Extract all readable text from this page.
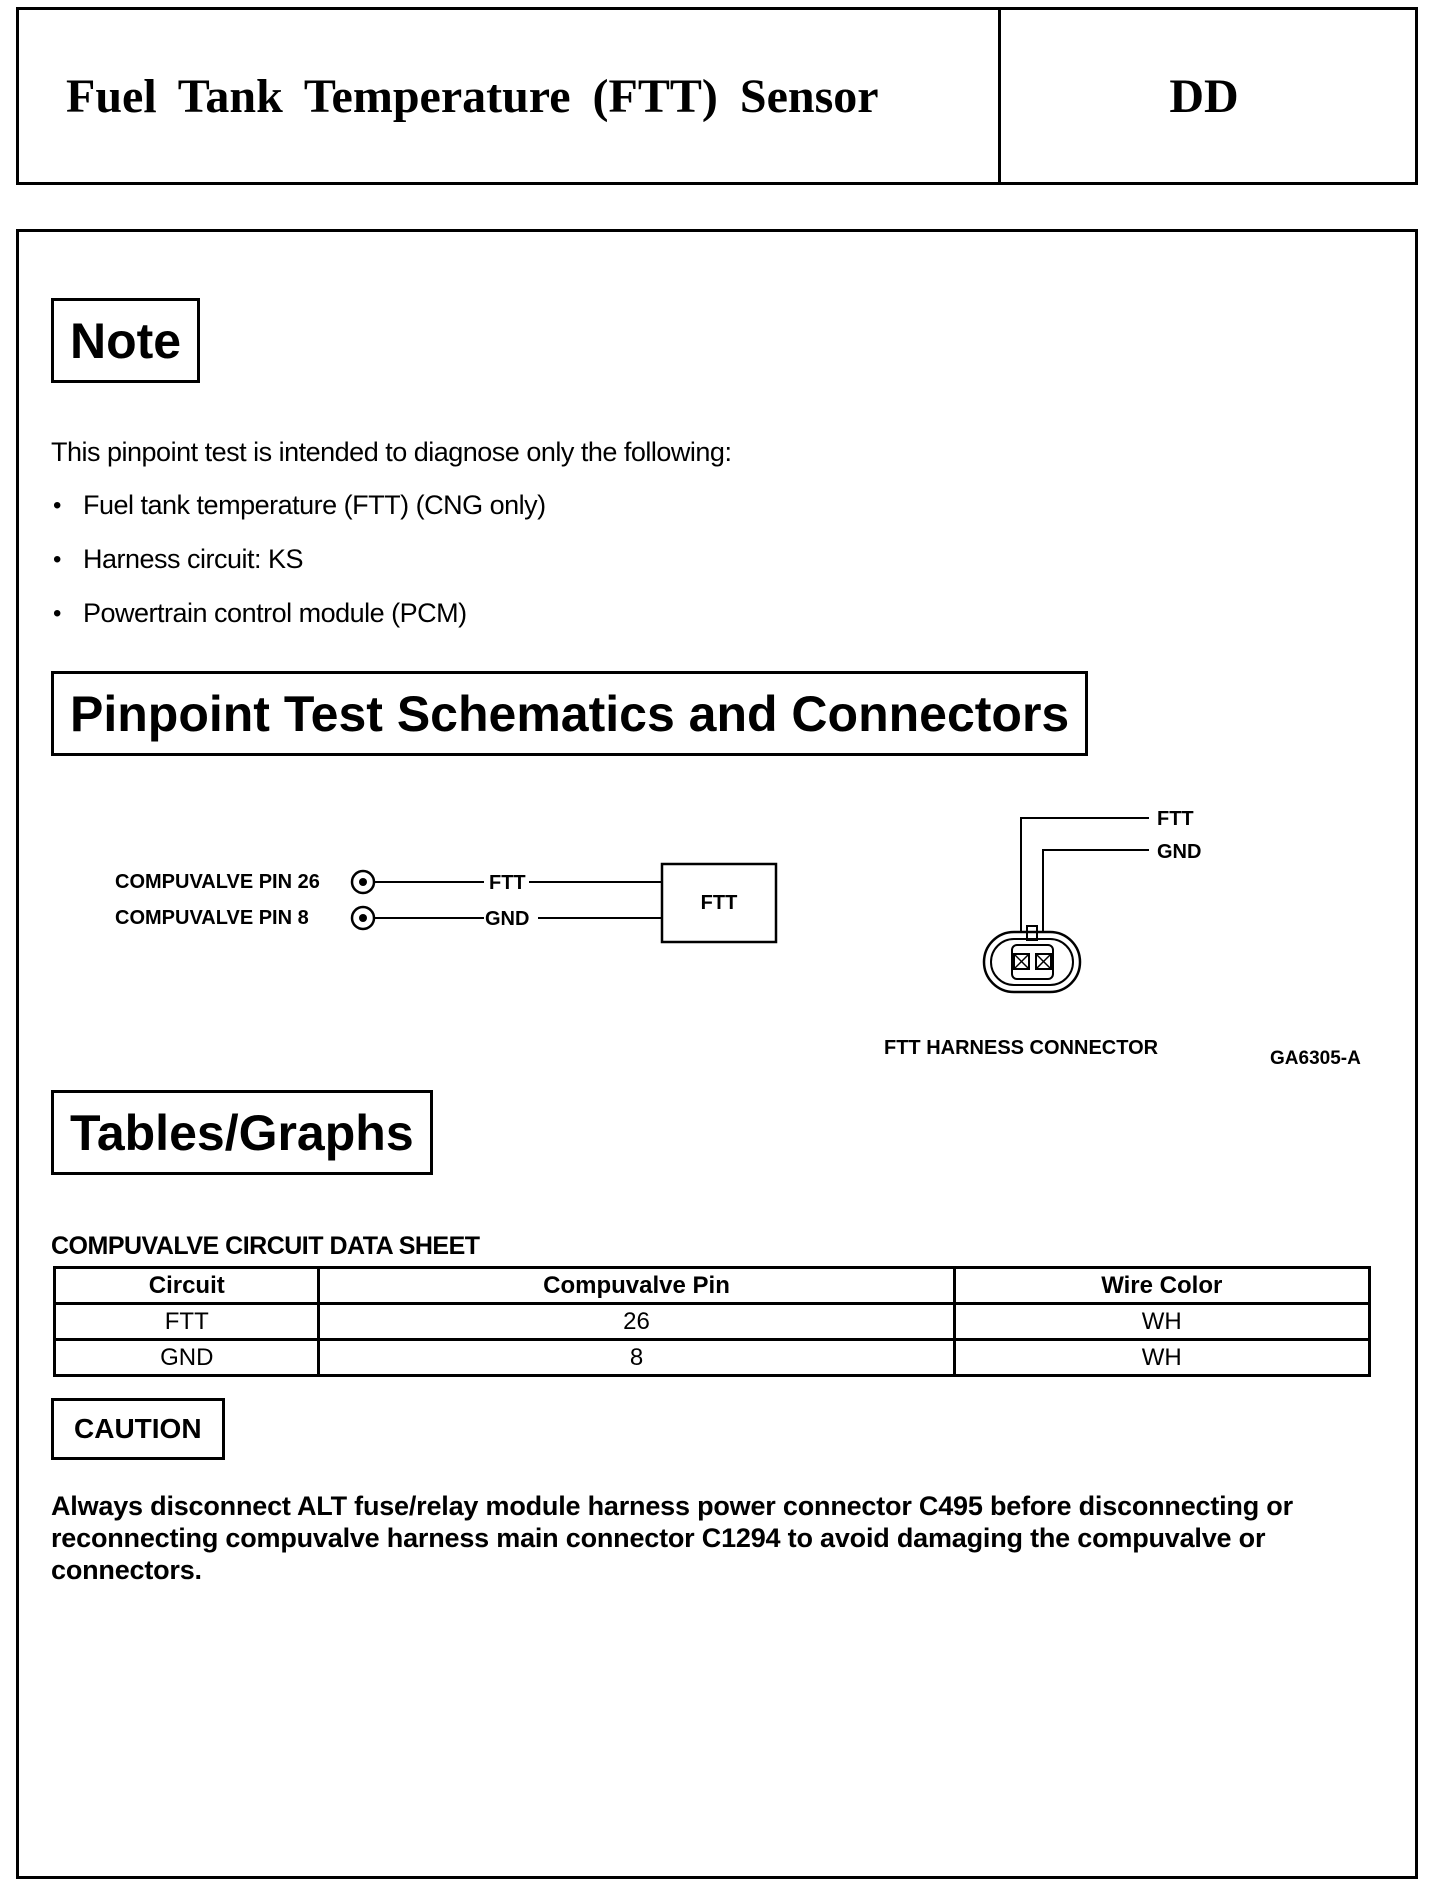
Fuel Tank Temperature (FTT) Sensor	DD
Note
This pinpoint test is intended to diagnose only the following:
• Fuel tank temperature (FTT) (CNG only)
• Harness circuit: KS
• Powertrain control module (PCM)
Pinpoint Test Schematics and Connectors
COMPUVALVE PIN 26
COMPUVALVE PIN 8
FTT
GND
FTT
FTT
GND
FTT HARNESS CONNECTOR	GA6305-A
Tables/Graphs
COMPUVALVE CIRCUIT DATA SHEET
Circuit	Compuvalve Pin	Wire Color
FTT	26	WH
GND	8	WH
CAUTION
Always disconnect ALT fuse/relay module harness power connector C495 before disconnecting or reconnecting compuvalve harness main connector C1294 to avoid damaging the compuvalve or connectors.
